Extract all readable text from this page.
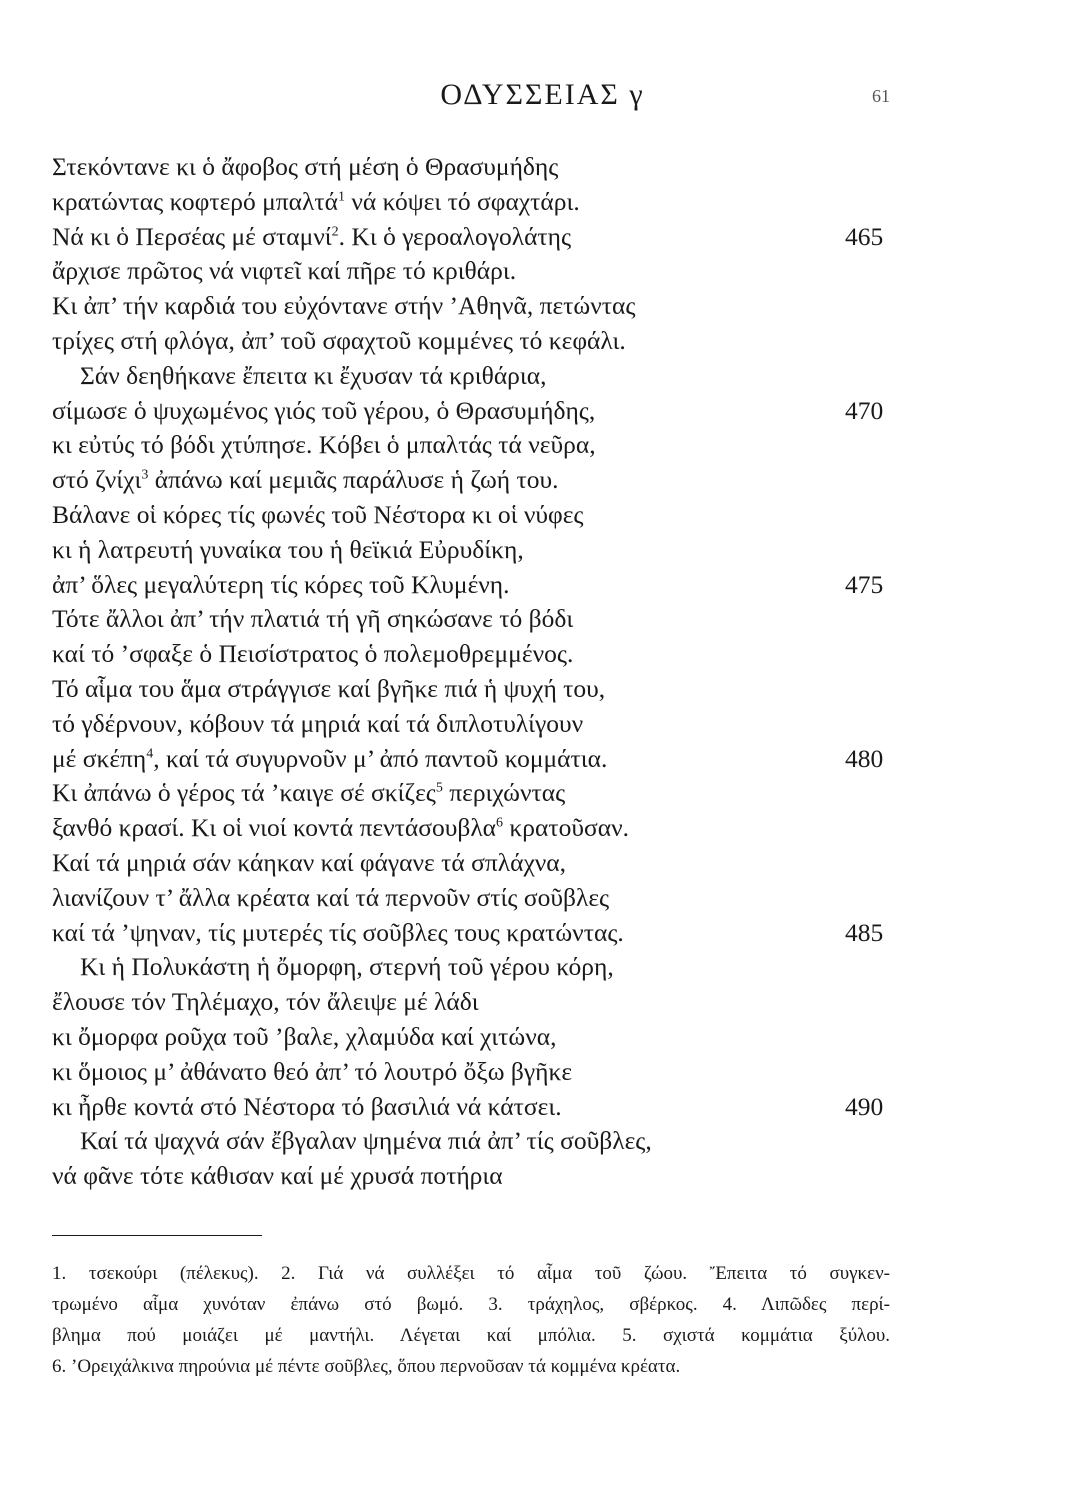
ΟΔΥΣΣΕΙΑΣ γ	61
Στεκόντανε κι ὁ ἄφοβος στή μέση ὁ Θρασυμήδης
κρατώντας κοφτερό μπαλτά$^1$ νά κόψει τό σφαχτάρι.
Νά κι ὁ Περσέας μέ σταμνί$^2$. Κι ὁ γεροαλογολάτης	465
ἄρχισε πρῶτος νά νιφτεῖ καί πῆρε τό κριθάρι.
Κι ἀπ’ τήν καρδιά του εὐχόντανε στήν ’Αθηνᾶ, πετώντας
τρίχες στή φλόγα, ἀπ’ τοῦ σφαχτοῦ κομμένες τό κεφάλι.
Σάν δεηθήκανε ἔπειτα κι ἔχυσαν τά κριθάρια,
σίμωσε ὁ ψυχωμένος γιός τοῦ γέρου, ὁ Θρασυμήδης,	470
κι εὐτύς τό βόδι χτύπησε. Κόβει ὁ μπαλτάς τά νεῦρα,
στό ζνίχι$^3$ ἀπάνω καί μεμιᾶς παράλυσε ἡ ζωή του.
Βάλανε οἱ κόρες τίς φωνές τοῦ Νέστορα κι οἱ νύφες
κι ἡ λατρευτή γυναίκα του ἡ θεϊκιά Εὐρυδίκη,
ἀπ’ ὅλες μεγαλύτερη τίς κόρες τοῦ Κλυμένη.	475
Τότε ἄλλοι ἀπ’ τήν πλατιά τή γῆ σηκώσανε τό βόδι
καί τό ’σφαξε ὁ Πεισίστρατος ὁ πολεμοθρεμμένος.
Τό αἷμα του ἅμα στράγγισε καί βγῆκε πιά ἡ ψυχή του,
τό γδέρνουν, κόβουν τά μηριά καί τά διπλοτυλίγουν
μέ σκέπη$^4$, καί τά συγυρνοῦν μ’ ἀπό παντοῦ κομμάτια.	480
Κι ἀπάνω ὁ γέρος τά ’καιγε σέ σκίζες$^5$ περιχώντας
ξανθό κρασί. Κι οἱ νιοί κοντά πεντάσουβλα$^6$ κρατοῦσαν.
Καί τά μηριά σάν κάηκαν καί φάγανε τά σπλάχνα,
λιανίζουν τ’ ἄλλα κρέατα καί τά περνοῦν στίς σοῦβλες
καί τά ’ψηναν, τίς μυτερές τίς σοῦβλες τους κρατώντας.	485
Κι ἡ Πολυκάστη ἡ ὄμορφη, στερνή τοῦ γέρου κόρη,
ἔλουσε τόν Τηλέμαχο, τόν ἄλειψε μέ λάδι
κι ὄμορφα ροῦχα τοῦ ’βαλε, χλαμύδα καί χιτώνα,
κι ὅμοιος μ’ ἀθάνατο θεό ἀπ’ τό λουτρό ὄξω βγῆκε
κι ἦρθε κοντά στό Νέστορα τό βασιλιά νά κάτσει.	490
Καί τά ψαχνά σάν ἔβγαλαν ψημένα πιά ἀπ’ τίς σοῦβλες,
νά φᾶνε τότε κάθισαν καί μέ χρυσά ποτήρια
1. τσεκούρι (πέλεκυς). 2. Γιά νά συλλέξει τό αἷμα τοῦ ζώου. Ἔπειτα τό συγκεν-
τρωμένο αἷμα χυνόταν ἐπάνω στό βωμό. 3. τράχηλος, σβέρκος. 4. Λιπῶδες περί-
βλημα πού μοιάζει μέ μαντήλι. Λέγεται καί μπόλια. 5. σχιστά κομμάτια ξύλου.
6. ’Ορειχάλκινα πηρούνια μέ πέντε σοῦβλες, ὅπου περνοῦσαν τά κομμένα κρέατα.
